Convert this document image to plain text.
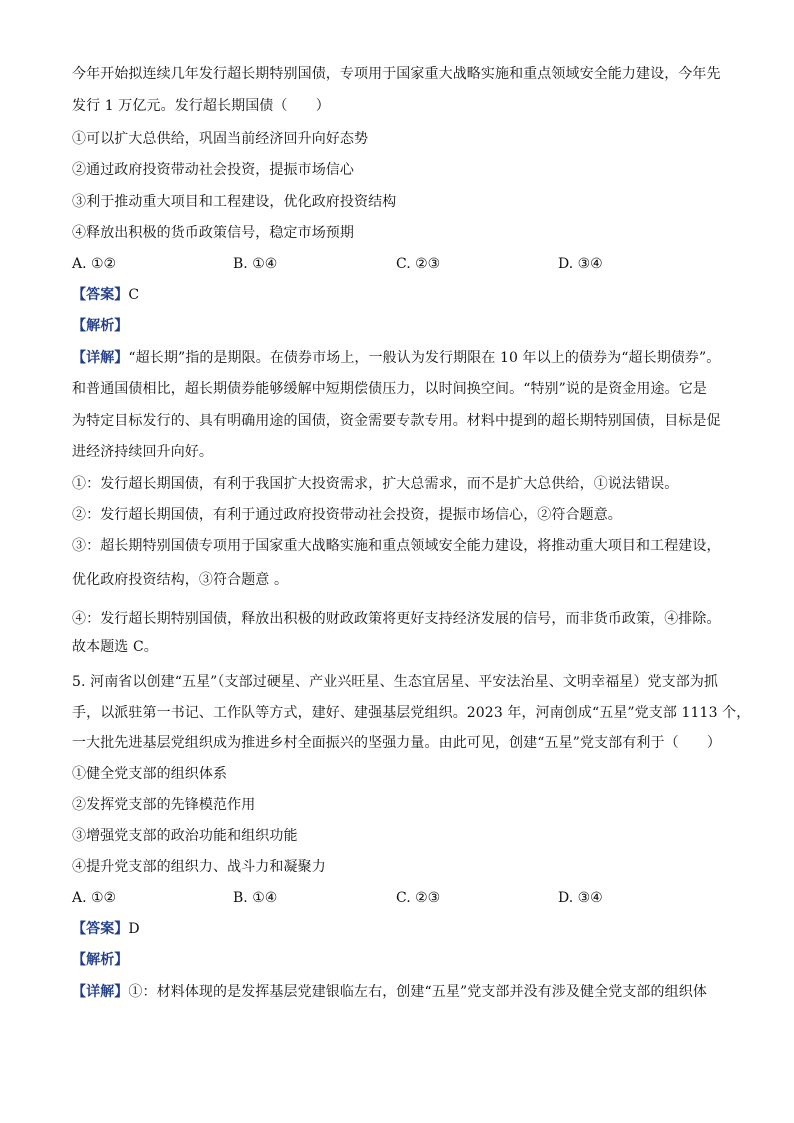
今年开始拟连续几年发行超长期特别国债，专项用于国家重大战略实施和重点领域安全能力建设，今年先
发行 1 万亿元。发行超长期国债（　　）
①可以扩大总供给，巩固当前经济回升向好态势
②通过政府投资带动社会投资，提振市场信心
③利于推动重大项目和工程建设，优化政府投资结构
④释放出积极的货币政策信号，稳定市场预期
A. ①②	B. ①④	C. ②③	D. ③④
【答案】C
【解析】
【详解】“超长期”指的是期限。在债券市场上，一般认为发行期限在 10 年以上的债券为“超长期债券”。
和普通国债相比，超长期债券能够缓解中短期偿债压力，以时间换空间。“特别”说的是资金用途。它是
为特定目标发行的、具有明确用途的国债，资金需要专款专用。材料中提到的超长期特别国债，目标是促
进经济持续回升向好。
①：发行超长期国债，有利于我国扩大投资需求，扩大总需求，而不是扩大总供给，①说法错误。
②：发行超长期国债，有利于通过政府投资带动社会投资，提振市场信心，②符合题意。
③：超长期特别国债专项用于国家重大战略实施和重点领域安全能力建设，将推动重大项目和工程建设，
优化政府投资结构，③符合题意 。
④：发行超长期特别国债，释放出积极的财政政策将更好支持经济发展的信号，而非货币政策，④排除。
故本题选 C。
5. 河南省以创建“五星”（支部过硬星、产业兴旺星、生态宜居星、平安法治星、文明幸福星）党支部为抓
手，以派驻第一书记、工作队等方式，建好、建强基层党组织。2023 年，河南创成“五星”党支部 1113 个，
一大批先进基层党组织成为推进乡村全面振兴的坚强力量。由此可见，创建“五星”党支部有利于（　　）
①健全党支部的组织体系
②发挥党支部的先锋模范作用
③增强党支部的政治功能和组织功能
④提升党支部的组织力、战斗力和凝聚力
A. ①②	B. ①④	C. ②③	D. ③④
【答案】D
【解析】
【详解】①：材料体现的是发挥基层党建银临左右，创建“五星”党支部并没有涉及健全党支部的组织体
